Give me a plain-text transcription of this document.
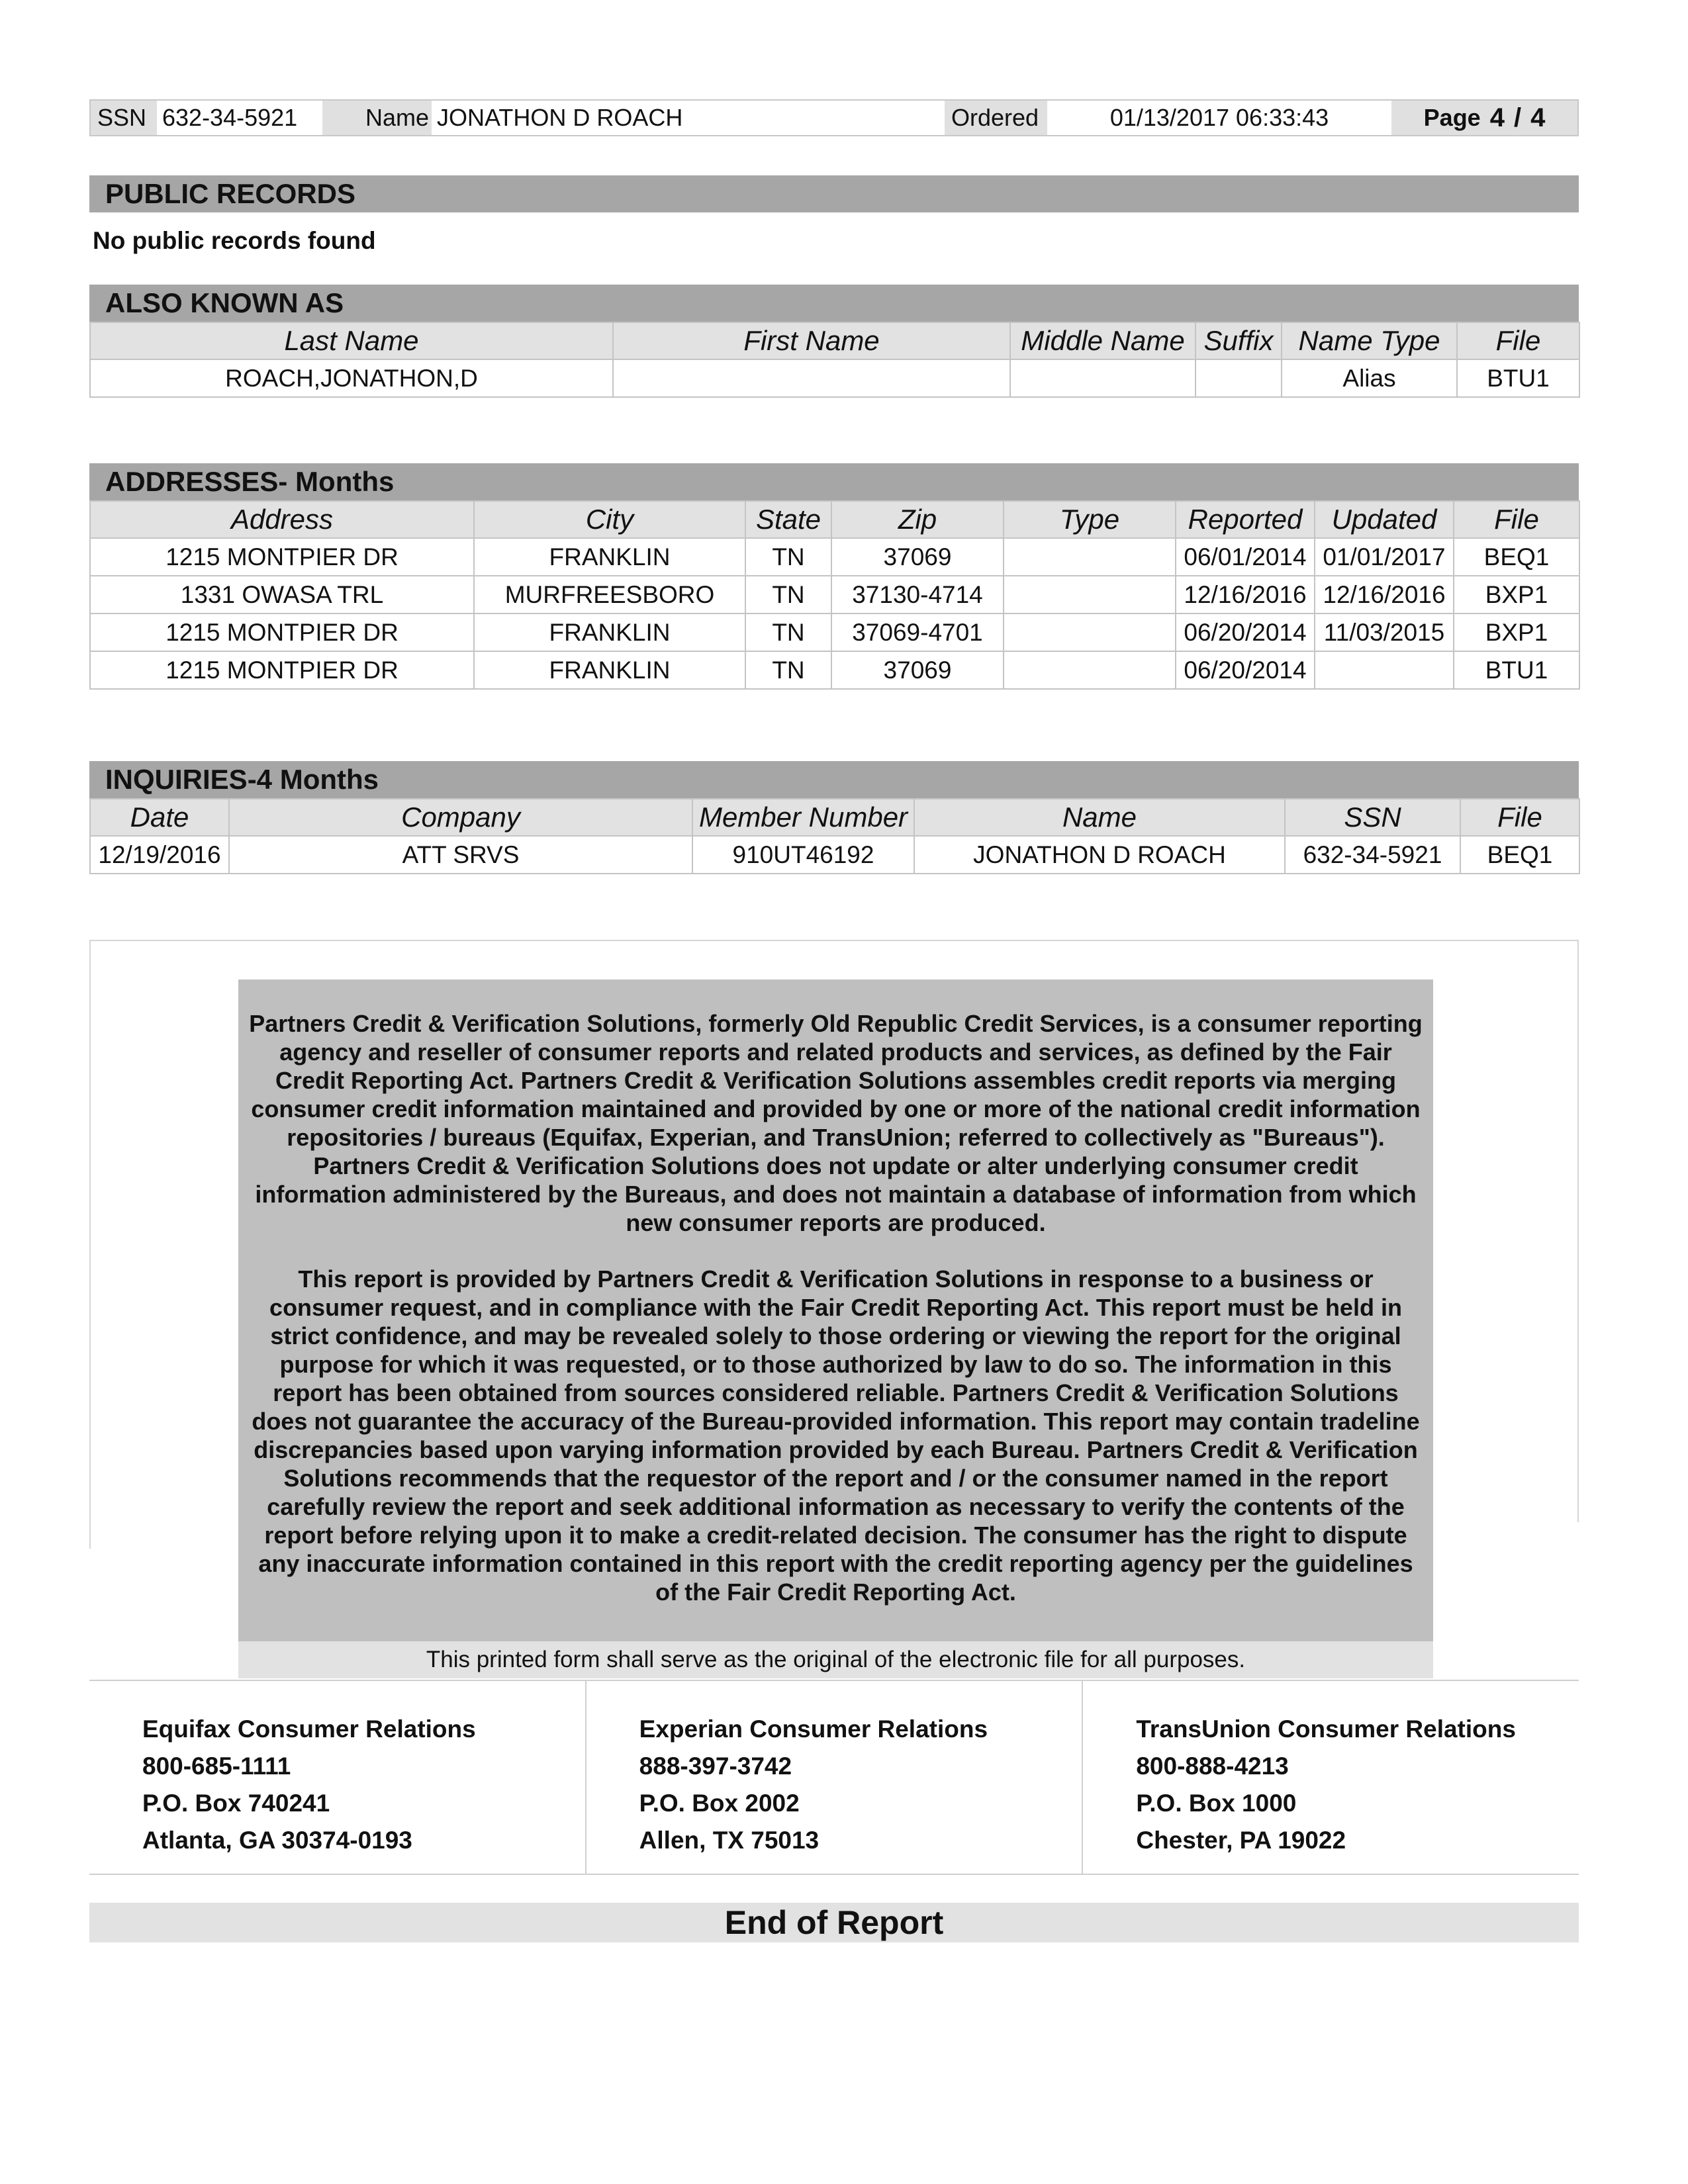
SSN 632-34-5921	Name JONATHON D ROACH	Ordered	01/13/2017 06:33:43	Page 4 / 4
PUBLIC RECORDS
No public records found
ALSO KNOWN AS
Last Name	First Name	Middle Name	Suffix	Name Type	File
ROACH,JONATHON,D				Alias	BTU1
ADDRESSES- Months
Address	City	State	Zip	Type	Reported	Updated	File
1215 MONTPIER DR	FRANKLIN	TN	37069		06/01/2014	01/01/2017	BEQ1
1331 OWASA TRL	MURFREESBORO	TN	37130-4714		12/16/2016	12/16/2016	BXP1
1215 MONTPIER DR	FRANKLIN	TN	37069-4701		06/20/2014	11/03/2015	BXP1
1215 MONTPIER DR	FRANKLIN	TN	37069		06/20/2014		BTU1
INQUIRIES-4 Months
Date	Company	Member Number	Name	SSN	File
12/19/2016	ATT SRVS	910UT46192	JONATHON D ROACH	632-34-5921	BEQ1

Partners Credit & Verification Solutions, formerly Old Republic Credit Services, is a consumer reporting agency and reseller of consumer reports and related products and services, as defined by the Fair Credit Reporting Act. Partners Credit & Verification Solutions assembles credit reports via merging consumer credit information maintained and provided by one or more of the national credit information repositories / bureaus (Equifax, Experian, and TransUnion; referred to collectively as "Bureaus"). Partners Credit & Verification Solutions does not update or alter underlying consumer credit information administered by the Bureaus, and does not maintain a database of information from which new consumer reports are produced.

This report is provided by Partners Credit & Verification Solutions in response to a business or consumer request, and in compliance with the Fair Credit Reporting Act. This report must be held in strict confidence, and may be revealed solely to those ordering or viewing the report for the original purpose for which it was requested, or to those authorized by law to do so. The information in this report has been obtained from sources considered reliable. Partners Credit & Verification Solutions does not guarantee the accuracy of the Bureau-provided information. This report may contain tradeline discrepancies based upon varying information provided by each Bureau. Partners Credit & Verification Solutions recommends that the requestor of the report and / or the consumer named in the report carefully review the report and seek additional information as necessary to verify the contents of the report before relying upon it to make a credit-related decision. The consumer has the right to dispute any inaccurate information contained in this report with the credit reporting agency per the guidelines of the Fair Credit Reporting Act.

This printed form shall serve as the original of the electronic file for all purposes.
Equifax Consumer Relations
800-685-1111
P.O. Box 740241
Atlanta, GA 30374-0193
Experian Consumer Relations
888-397-3742
P.O. Box 2002
Allen, TX 75013
TransUnion Consumer Relations
800-888-4213
P.O. Box 1000
Chester, PA 19022
End of Report
